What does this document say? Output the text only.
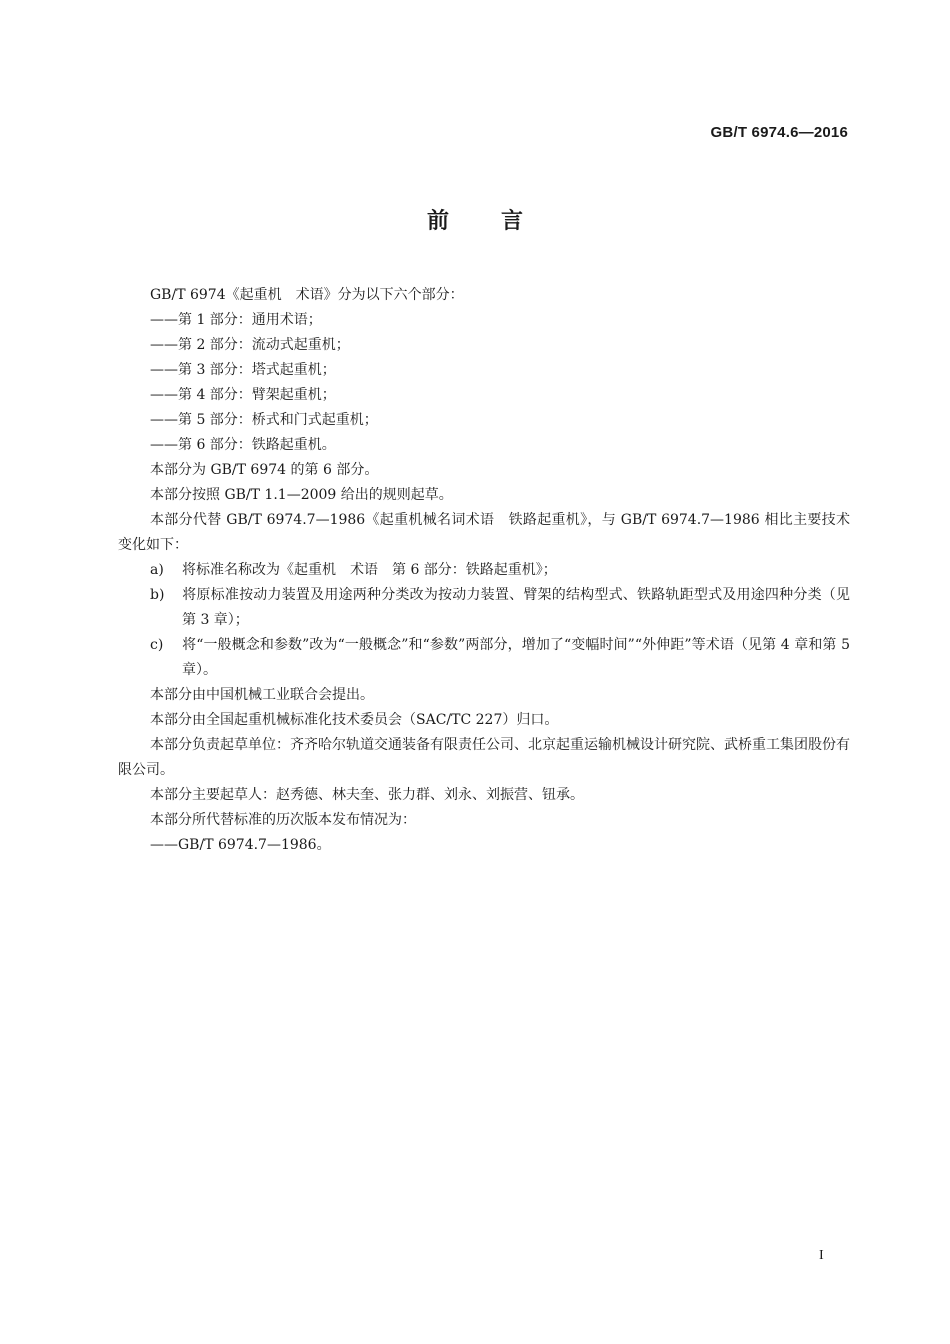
GB/T 6974.6—2016
前言

GB/T 6974《起重机　术语》分为以下六个部分：

——第 1 部分：通用术语；

——第 2 部分：流动式起重机；

——第 3 部分：塔式起重机；

——第 4 部分：臂架起重机；

——第 5 部分：桥式和门式起重机；

——第 6 部分：铁路起重机。

本部分为 GB/T 6974 的第 6 部分。

本部分按照 GB/T 1.1—2009 给出的规则起草。

本部分代替 GB/T 6974.7—1986《起重机械名词术语　铁路起重机》，与 GB/T 6974.7—1986 相比主要技术变化如下：

a) 将标准名称改为《起重机　术语　第 6 部分：铁路起重机》；

b) 将原标准按动力装置及用途两种分类改为按动力装置、臂架的结构型式、铁路轨距型式及用途四种分类（见第 3 章）；

c) 将“一般概念和参数”改为“一般概念”和“参数”两部分，增加了“变幅时间”“外伸距”等术语（见第 4 章和第 5 章）。

本部分由中国机械工业联合会提出。

本部分由全国起重机械标准化技术委员会（SAC/TC 227）归口。

本部分负责起草单位：齐齐哈尔轨道交通装备有限责任公司、北京起重运输机械设计研究院、武桥重工集团股份有限公司。

本部分主要起草人：赵秀德、林夫奎、张力群、刘永、刘振营、钮承。

本部分所代替标准的历次版本发布情况为：

——GB/T 6974.7—1986。

I
